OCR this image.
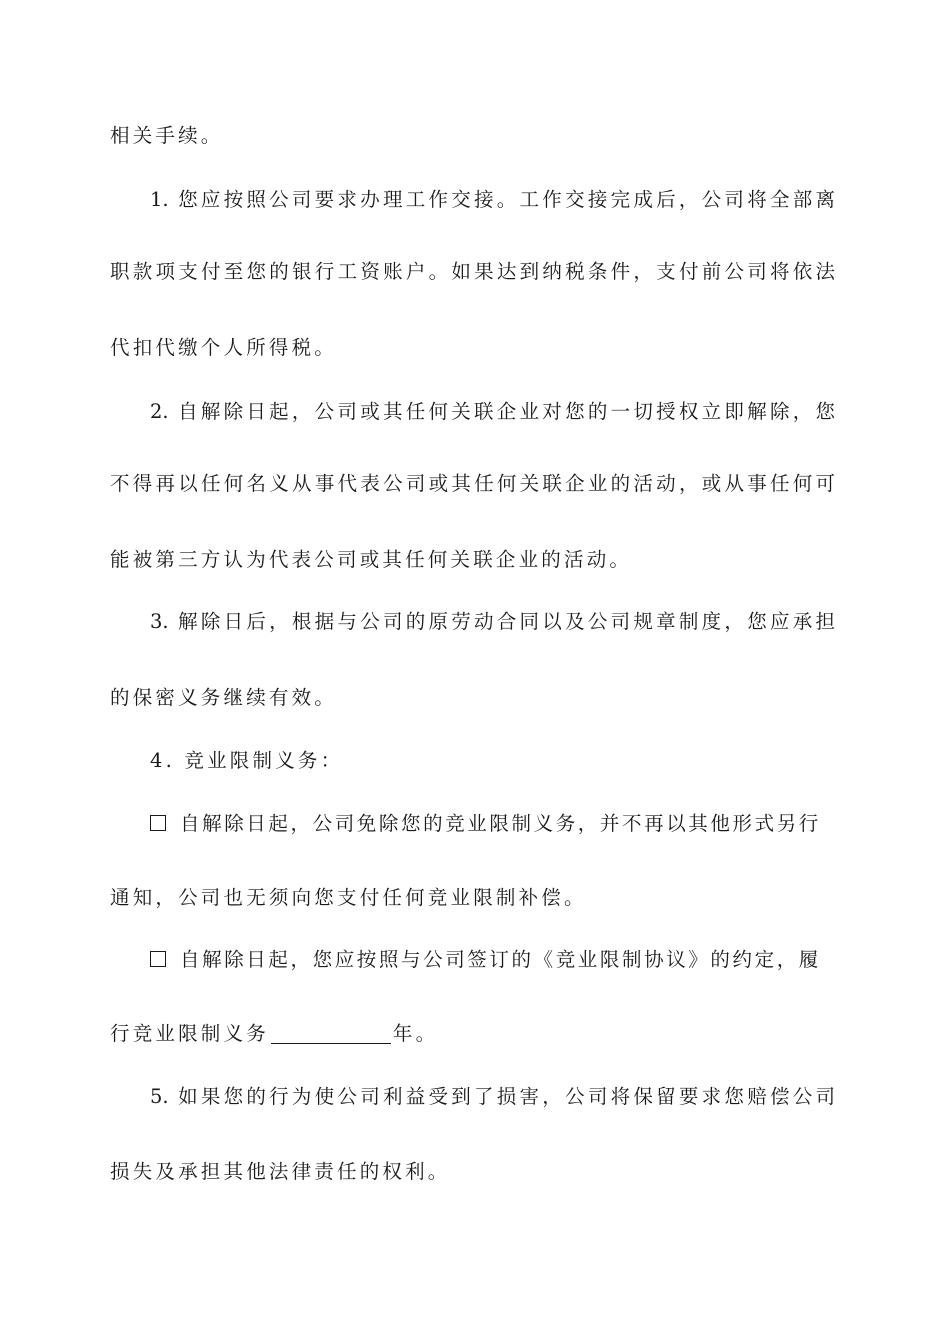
相关手续。
1. 您应按照公司要求办理工作交接。工作交接完成后，公司将全部离
职款项支付至您的银行工资账户。如果达到纳税条件，支付前公司将依法
代扣代缴个人所得税。
2. 自解除日起，公司或其任何关联企业对您的一切授权立即解除，您
不得再以任何名义从事代表公司或其任何关联企业的活动，或从事任何可
能被第三方认为代表公司或其任何关联企业的活动。
3. 解除日后，根据与公司的原劳动合同以及公司规章制度，您应承担
的保密义务继续有效。
4. 竞业限制义务：
自解除日起，公司免除您的竞业限制义务，并不再以其他形式另行
通知，公司也无须向您支付任何竞业限制补偿。
自解除日起，您应按照与公司签订的《竞业限制协议》的约定，履
行竞业限制义务	年。
5. 如果您的行为使公司利益受到了损害，公司将保留要求您赔偿公司
损失及承担其他法律责任的权利。
